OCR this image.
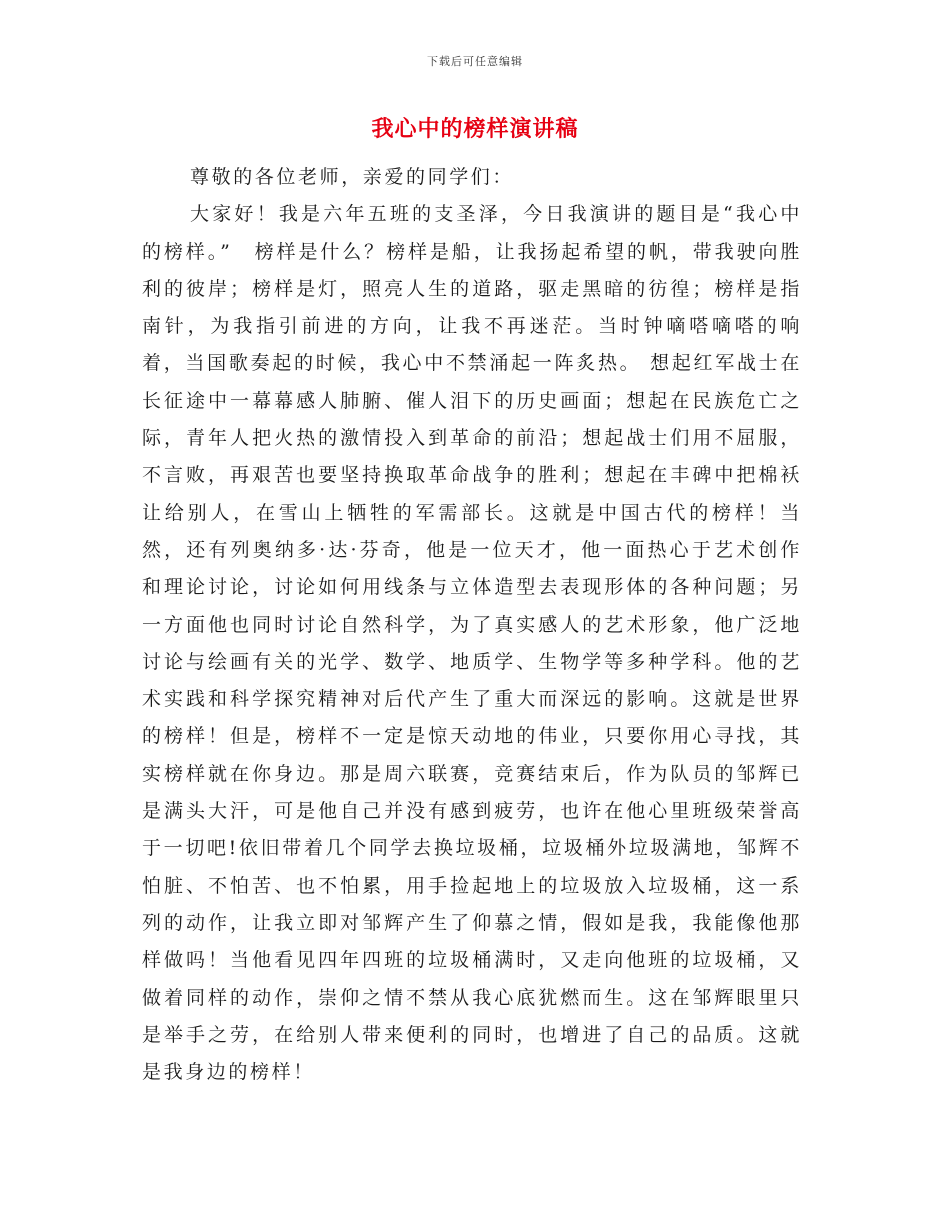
下载后可任意编辑
我心中的榜样演讲稿

尊敬的各位老师，亲爱的同学们：

大家好！我是六年五班的支圣泽，今日我演讲的题目是“我心中的榜样。”　榜样是什么？榜样是船，让我扬起希望的帆，带我驶向胜利的彼岸；榜样是灯，照亮人生的道路，驱走黑暗的彷徨；榜样是指南针，为我指引前进的方向，让我不再迷茫。当时钟嘀嗒嘀嗒的响着，当国歌奏起的时候，我心中不禁涌起一阵炙热。 想起红军战士在长征途中一幕幕感人肺腑、催人泪下的历史画面；想起在民族危亡之际，青年人把火热的激情投入到革命的前沿；想起战士们用不屈服，不言败，再艰苦也要坚持换取革命战争的胜利；想起在丰碑中把棉袄让给别人，在雪山上牺牲的军需部长。这就是中国古代的榜样！当然，还有列奥纳多·达·芬奇，他是一位天才，他一面热心于艺术创作和理论讨论，讨论如何用线条与立体造型去表现形体的各种问题；另一方面他也同时讨论自然科学，为了真实感人的艺术形象，他广泛地讨论与绘画有关的光学、数学、地质学、生物学等多种学科。他的艺术实践和科学探究精神对后代产生了重大而深远的影响。这就是世界的榜样！但是，榜样不一定是惊天动地的伟业，只要你用心寻找，其实榜样就在你身边。那是周六联赛，竞赛结束后，作为队员的邹辉已是满头大汗，可是他自己并没有感到疲劳，也许在他心里班级荣誉高于一切吧!依旧带着几个同学去换垃圾桶，垃圾桶外垃圾满地，邹辉不怕脏、不怕苦、也不怕累，用手捡起地上的垃圾放入垃圾桶，这一系列的动作，让我立即对邹辉产生了仰慕之情，假如是我，我能像他那样做吗！当他看见四年四班的垃圾桶满时，又走向他班的垃圾桶，又做着同样的动作，崇仰之情不禁从我心底犹燃而生。这在邹辉眼里只是举手之劳，在给别人带来便利的同时，也增进了自己的品质。这就是我身边的榜样！
